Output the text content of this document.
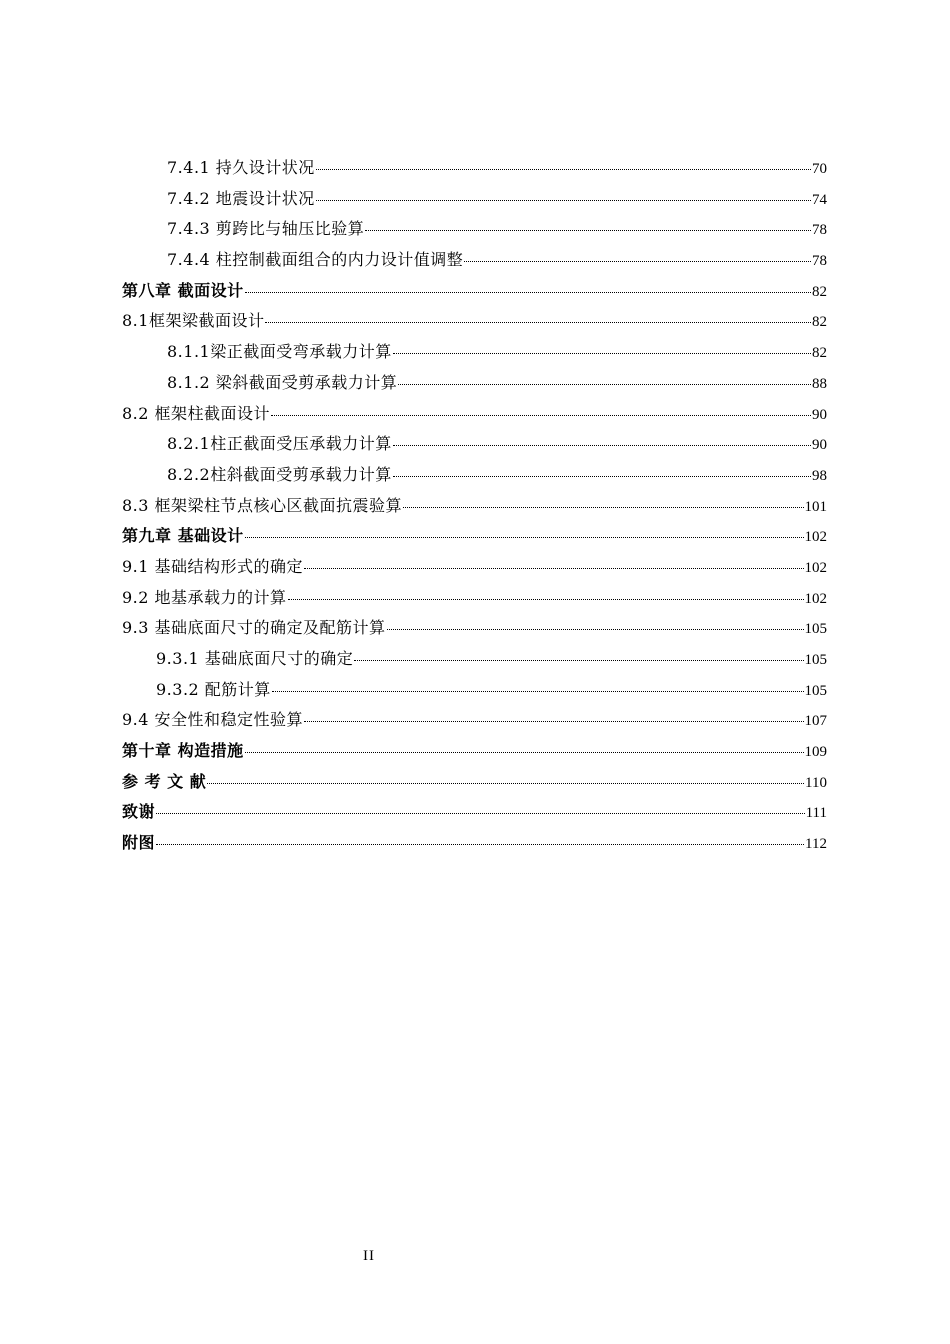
7.4.1 持久设计状况	70
7.4.2 地震设计状况	74
7.4.3 剪跨比与轴压比验算	78
7.4.4 柱控制截面组合的内力设计值调整	78
第八章 截面设计	82
8.1框架梁截面设计	82
8.1.1梁正截面受弯承载力计算	82
8.1.2 梁斜截面受剪承载力计算	88
8.2 框架柱截面设计	90
8.2.1柱正截面受压承载力计算	90
8.2.2柱斜截面受剪承载力计算	98
8.3 框架梁柱节点核心区截面抗震验算	101
第九章 基础设计	102
9.1 基础结构形式的确定	102
9.2 地基承载力的计算	102
9.3 基础底面尺寸的确定及配筋计算	105
9.3.1 基础底面尺寸的确定	105
9.3.2 配筋计算	105
9.4 安全性和稳定性验算	107
第十章 构造措施	109
参 考 文 献	110
致谢	111
附图	112
II
